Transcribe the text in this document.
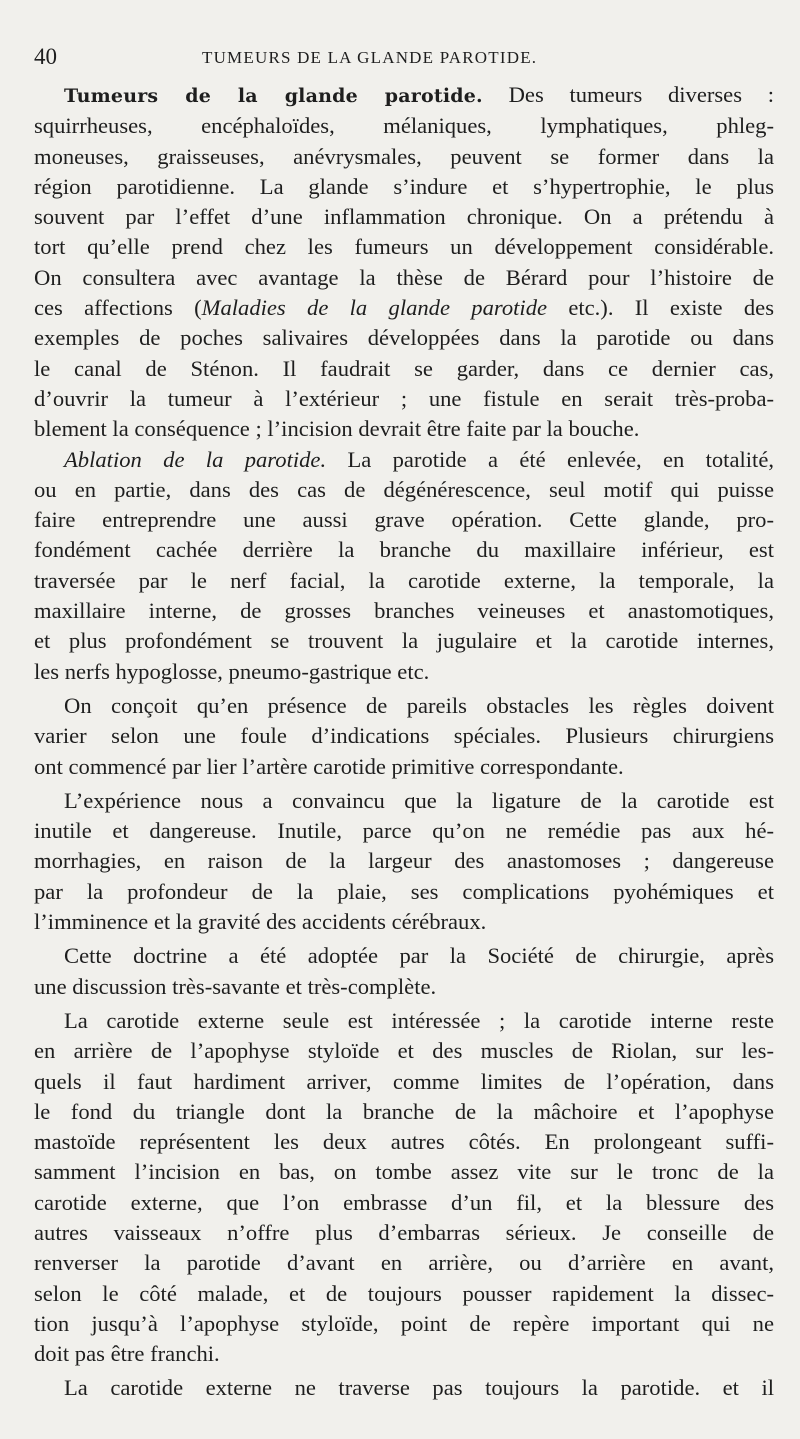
40	TUMEURS DE LA GLANDE PAROTIDE.
Tumeurs de la glande parotide. Des tumeurs diverses :
squirrheuses, encéphaloïdes, mélaniques, lymphatiques, phleg-
moneuses, graisseuses, anévrysmales, peuvent se former dans la
région parotidienne. La glande s’indure et s’hypertrophie, le plus
souvent par l’effet d’une inflammation chronique. On a prétendu à
tort qu’elle prend chez les fumeurs un développement considérable.
On consultera avec avantage la thèse de Bérard pour l’histoire de
ces affections (Maladies de la glande parotide etc.). Il existe des
exemples de poches salivaires développées dans la parotide ou dans
le canal de Sténon. Il faudrait se garder, dans ce dernier cas,
d’ouvrir la tumeur à l’extérieur ; une fistule en serait très-proba-
blement la conséquence ; l’incision devrait être faite par la bouche.
Ablation de la parotide. La parotide a été enlevée, en totalité,
ou en partie, dans des cas de dégénérescence, seul motif qui puisse
faire entreprendre une aussi grave opération. Cette glande, pro-
fondément cachée derrière la branche du maxillaire inférieur, est
traversée par le nerf facial, la carotide externe, la temporale, la
maxillaire interne, de grosses branches veineuses et anastomotiques,
et plus profondément se trouvent la jugulaire et la carotide internes,
les nerfs hypoglosse, pneumo-gastrique etc.
On conçoit qu’en présence de pareils obstacles les règles doivent
varier selon une foule d’indications spéciales. Plusieurs chirurgiens
ont commencé par lier l’artère carotide primitive correspondante.
L’expérience nous a convaincu que la ligature de la carotide est
inutile et dangereuse. Inutile, parce qu’on ne remédie pas aux hé-
morrhagies, en raison de la largeur des anastomoses ; dangereuse
par la profondeur de la plaie, ses complications pyohémiques et
l’imminence et la gravité des accidents cérébraux.
Cette doctrine a été adoptée par la Société de chirurgie, après
une discussion très-savante et très-complète.
La carotide externe seule est intéressée ; la carotide interne reste
en arrière de l’apophyse styloïde et des muscles de Riolan, sur les-
quels il faut hardiment arriver, comme limites de l’opération, dans
le fond du triangle dont la branche de la mâchoire et l’apophyse
mastoïde représentent les deux autres côtés. En prolongeant suffi-
samment l’incision en bas, on tombe assez vite sur le tronc de la
carotide externe, que l’on embrasse d’un fil, et la blessure des
autres vaisseaux n’offre plus d’embarras sérieux. Je conseille de
renverser la parotide d’avant en arrière, ou d’arrière en avant,
selon le côté malade, et de toujours pousser rapidement la dissec-
tion jusqu’à l’apophyse styloïde, point de repère important qui ne
doit pas être franchi.
La carotide externe ne traverse pas toujours la parotide. et il
